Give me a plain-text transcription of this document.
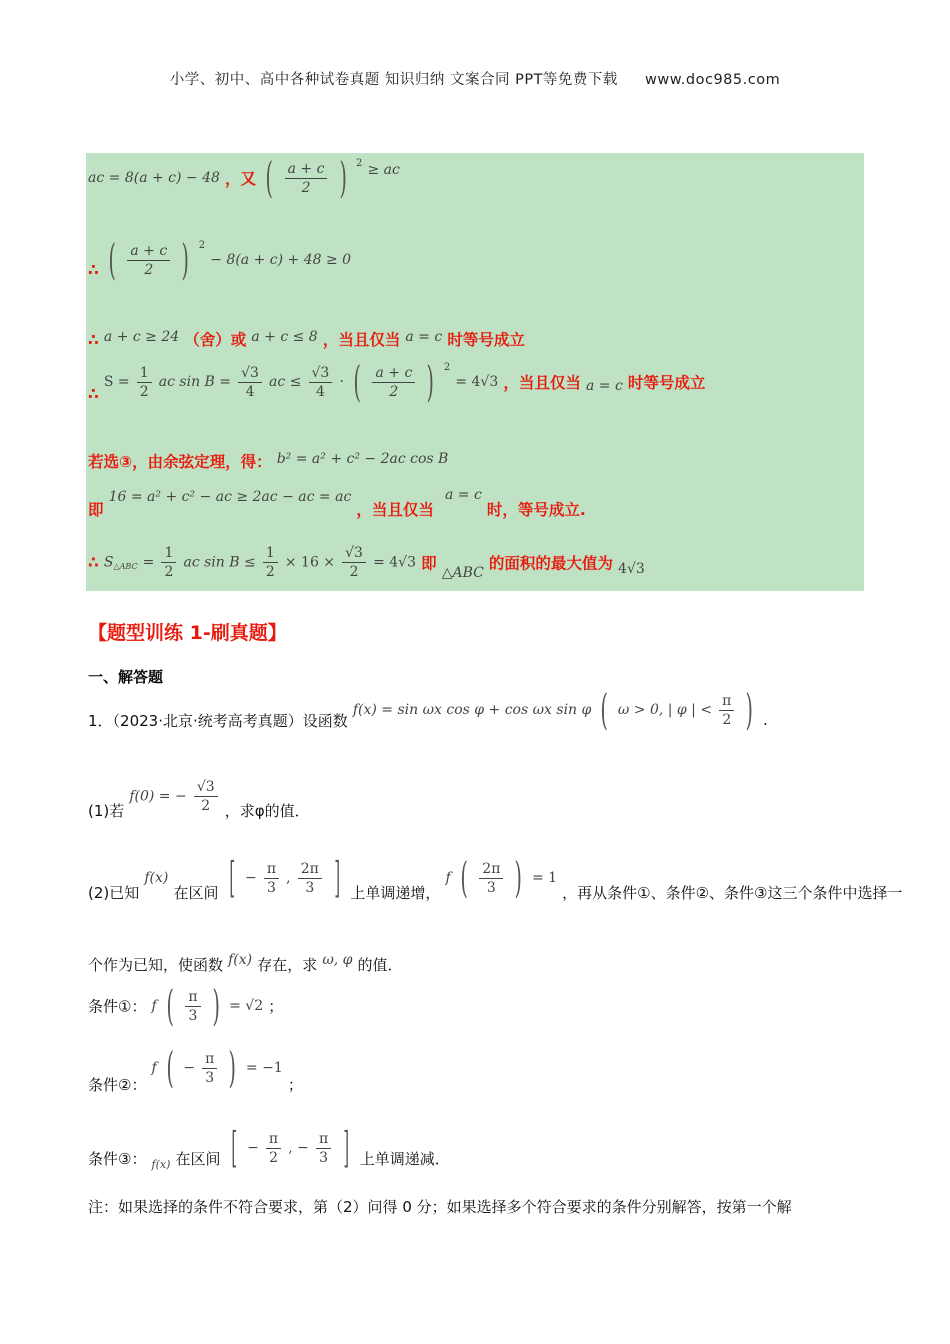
小学、初中、高中各种试卷真题 知识归纳 文案合同 PPT等免费下载 www.doc985.com
ac = 8(a + c) − 48 ，又 ( $\frac{a + c}{2}$ ) $^2$ ≥ ac
∴ ( $\frac{a + c}{2}$ ) $^2$ − 8(a + c) + 48 ≥ 0
∴ a + c ≥ 24 （舍）或 a + c ≤ 8 ，当且仅当 a = c 时等号成立
∴ $S = \frac{1}{2}$ ac $\sin B = \frac{√3}{4}$ ac ≤ $\frac{√3}{4}$ · ( $\frac{a + c}{2}$ ) $^2$ = 4√3 ，当且仅当 a = c 时等号成立
若选③，由余弦定理，得： b² = a² + c² − 2ac cos B
即 16 = a² + c² − ac ≥ 2ac − ac = ac ，当且仅当 a = c 时，等号成立.
∴ $S_{\triangle ABC} = \frac{1}{2}$ ac $\sin B \le \frac{1}{2} \times 16 \times \frac{√3}{2} = 4√3$ 即 △ABC 的面积的最大值为 4√3
【题型训练 1-刷真题】
一、解答题
1．（2023·北京·统考高考真题）设函数 f(x) = sin ωx cos φ + cos ωx sin φ ( ω > 0, | φ | < $\frac{\pi}{2}$ ) .
(1)若 f(0) = − $\frac{√3}{2}$ ，求φ的值．
(2)已知 f(x) 在区间 [ − $\frac{\pi}{3}$ , $\frac{2\pi}{3}$ ] 上单调递增， f ( $\frac{2\pi}{3}$ ) = 1 ，再从条件①、条件②、条件③这三个条件中选择一
个作为已知，使函数 f(x) 存在，求 ω, φ 的值．
条件①： f ( $\frac{\pi}{3}$ ) = √2 ；
条件②： f ( − $\frac{\pi}{3}$ ) = −1 ；
条件③： $_{f(x)}$ 在区间 [ − $\frac{\pi}{2}$ , − $\frac{\pi}{3}$ ] 上单调递减．
注：如果选择的条件不符合要求，第（2）问得 0 分；如果选择多个符合要求的条件分别解答，按第一个解
